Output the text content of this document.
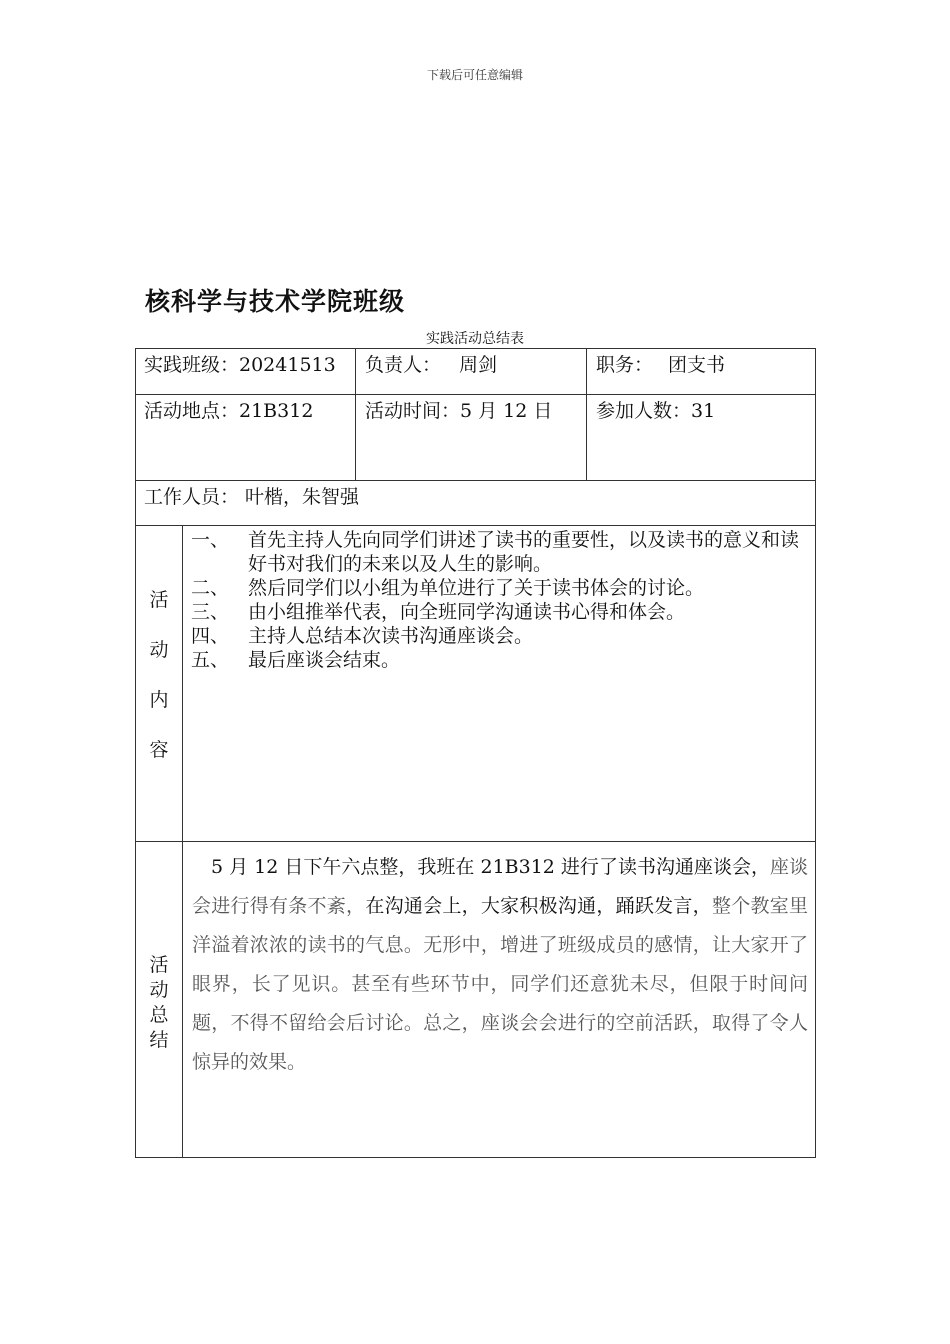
下载后可任意编辑
核科学与技术学院班级
实践活动总结表
实践班级：20241513 负责人： 周剑	职务： 团支书
活动地点：21B312	活动时间：5 月 12 日 参加人数：31
工作人员： 叶楷，朱智强
活
动
内
容
一、 首先主持人先向同学们讲述了读书的重要性，以及读书的意义和读好书对我们的未来以及人生的影响。
二、 然后同学们以小组为单位进行了关于读书体会的讨论。
三、 由小组推举代表，向全班同学沟通读书心得和体会。
四、 主持人总结本次读书沟通座谈会。
五、 最后座谈会结束。
活
动
总
结
5 月 12 日下午六点整，我班在 21B312 进行了读书沟通座谈会，座谈会进行得有条不紊，在沟通会上，大家积极沟通，踊跃发言，整个教室里洋溢着浓浓的读书的气息。无形中，增进了班级成员的感情，让大家开了眼界，长了见识。甚至有些环节中，同学们还意犹未尽，但限于时间问题，不得不留给会后讨论。总之，座谈会会进行的空前活跃，取得了令人惊异的效果。
